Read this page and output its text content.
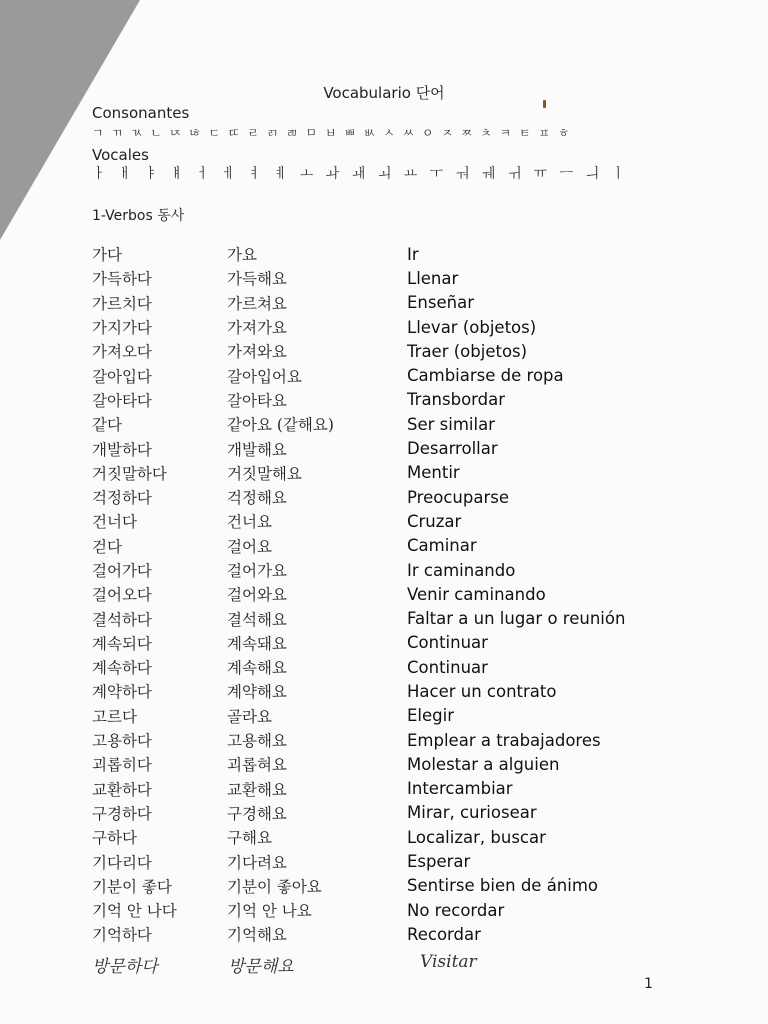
Vocabulario 단어
Consonantes
ㄱ ㄲ ㄳ ㄴ ㄵ ㄶ ㄷ ㄸ ㄹ ㄺ ㄻ ㅁ ㅂ ㅃ ㅄ ㅅ ㅆ ㅇ ㅈ ㅉ ㅊ ㅋ ㅌ ㅍ ㅎ
Vocales
ㅏ ㅐ ㅑ ㅒ ㅓ ㅔ ㅕ ㅖ ㅗ ㅘ ㅙ ㅚ ㅛ ㅜ ㅝ ㅞ ㅟ ㅠ ㅡ ㅢ ㅣ
1-Verbos 동사
가다	가요	Ir
가득하다	가득해요	Llenar
가르치다	가르쳐요	Enseñar
가지가다	가져가요	Llevar (objetos)
가져오다	가져와요	Traer (objetos)
갈아입다	갈아입어요	Cambiarse de ropa
갈아타다	갈아타요	Transbordar
같다	같아요 (같해요)	Ser similar
개발하다	개발해요	Desarrollar
거짓말하다	거짓말해요	Mentir
걱정하다	걱정해요	Preocuparse
건너다	건너요	Cruzar
걷다	걸어요	Caminar
걸어가다	걸어가요	Ir caminando
걸어오다	걸어와요	Venir caminando
결석하다	결석해요	Faltar a un lugar o reunión
계속되다	계속돼요	Continuar
계속하다	계속해요	Continuar
계약하다	계약해요	Hacer un contrato
고르다	골라요	Elegir
고용하다	고용해요	Emplear a trabajadores
괴롭히다	괴롭혀요	Molestar a alguien
교환하다	교환해요	Intercambiar
구경하다	구경해요	Mirar, curiosear
구하다	구해요	Localizar, buscar
기다리다	기다려요	Esperar
기분이 좋다	기분이 좋아요	Sentirse bien de ánimo
기억 안 나다	기억 안 나요	No recordar
기억하다	기억해요	Recordar
방문하다	방문해요	Visitar
1
